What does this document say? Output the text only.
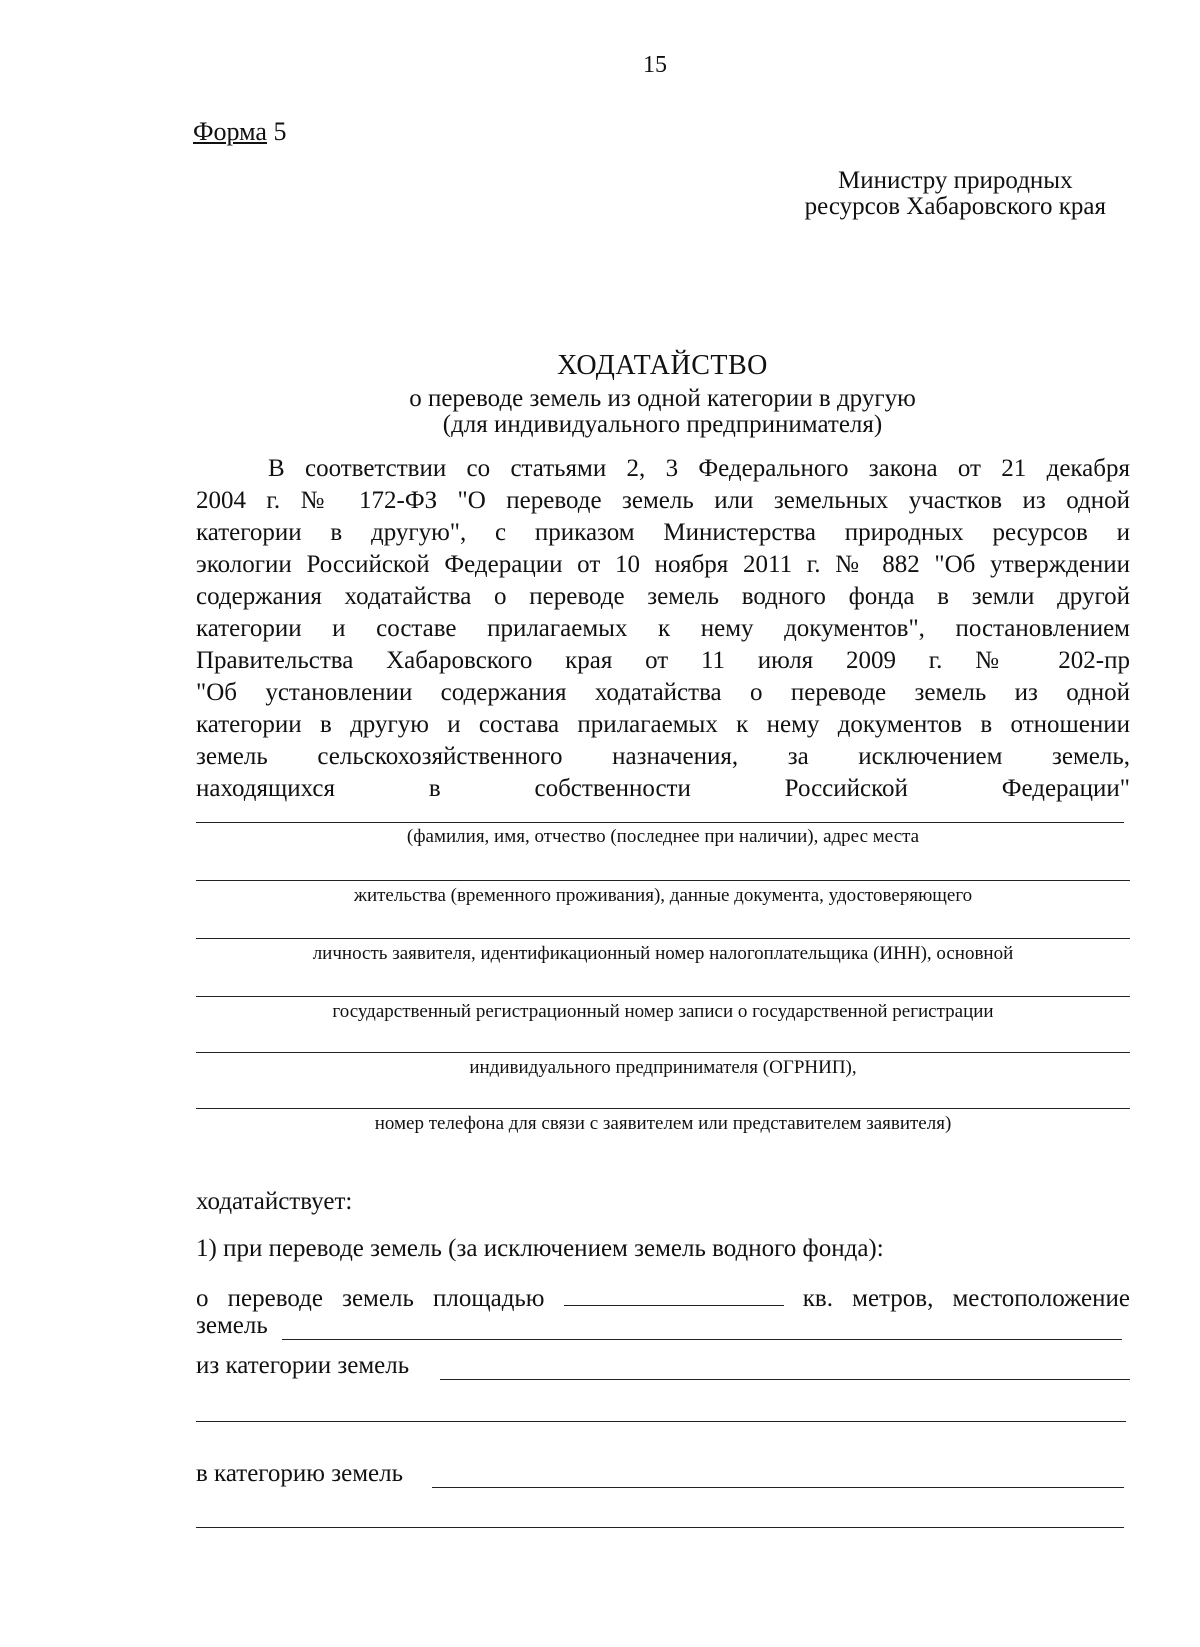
15
Форма 5
Министру природных
ресурсов Хабаровского края
ХОДАТАЙСТВО
о переводе земель из одной категории в другую
(для индивидуального предпринимателя)
В соответствии со статьями 2, 3 Федерального закона от 21 декабря
2004 г. № 172-ФЗ "О переводе земель или земельных участков из одной
категории в другую", с приказом Министерства природных ресурсов и
экологии Российской Федерации от 10 ноября 2011 г. № 882 "Об утверждении
содержания ходатайства о переводе земель водного фонда в земли другой
категории и составе прилагаемых к нему документов", постановлением
Правительства Хабаровского края от 11 июля 2009 г. № 202-пр
"Об установлении содержания ходатайства о переводе земель из одной
категории в другую и состава прилагаемых к нему документов в отношении
земель сельскохозяйственного назначения, за исключением земель,
находящихся в собственности Российской Федерации"
(фамилия, имя, отчество (последнее при наличии), адрес места
жительства (временного проживания), данные документа, удостоверяющего
личность заявителя, идентификационный номер налогоплательщика (ИНН), основной
государственный регистрационный номер записи о государственной регистрации
индивидуального предпринимателя (ОГРНИП),
номер телефона для связи с заявителем или представителем заявителя)
ходатайствует:
1) при переводе земель (за исключением земель водного фонда):
о переводе земель площадью	кв. метров, местоположение
земель
из категории земель
в категорию земель
